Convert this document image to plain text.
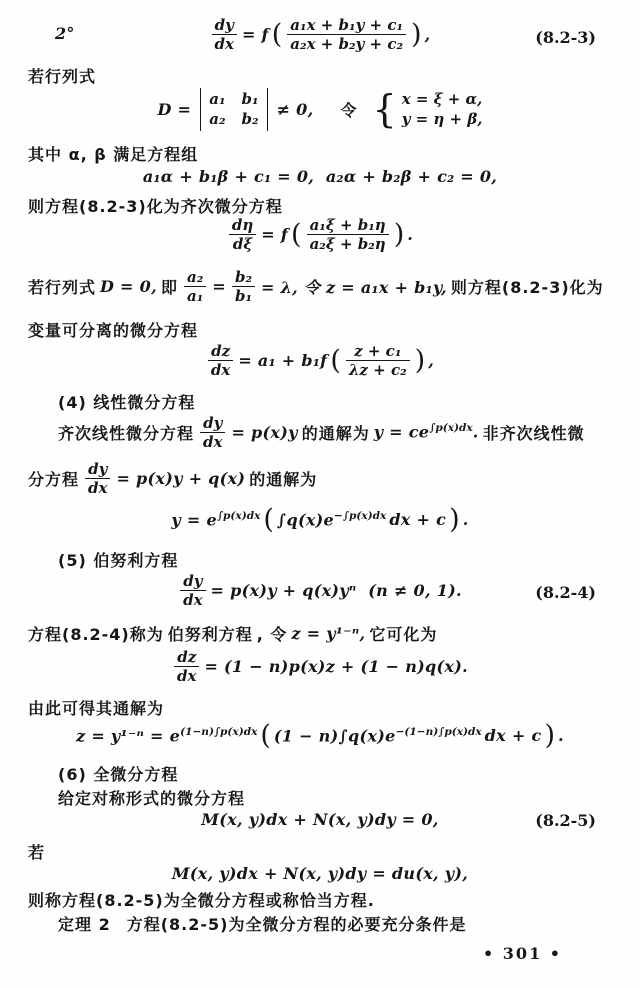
2°	$\frac{dy}{dx} = f$ ( $\frac{\text{a₁x + b₁y + c₁}}{\text{a₂x + b₂y + c₂}}$ ) ,	(8.2-3)
若行列式
D =
a₁ b₁
a₂ b₂
≠ 0, 令 { x = ξ + α,
y = η + β,
其中 α, β 满足方程组
a₁α + b₁β + c₁ = 0,  a₂α + b₂β + c₂ = 0,
则方程(8.2-3)化为齐次微分方程
$\frac{d\eta}{d\xi} = f$ ( $\frac{\text{a₁ξ + b₁η}}{\text{a₂ξ + b₂η}}$ ) .
若行列式 D = 0, 即 $\frac{\text{a₂}}{\text{a₁}} = \frac{\text{b₂}}{\text{b₁}} = \lambda$, 令 z = a₁x + b₁y, 则方程(8.2-3)化为
变量可分离的微分方程
$\frac{dz}{dx} = a_1 + b_1f$ ( $\frac{\text{z + c₁}}{\text{λz + c₂}}$ ) ,
(4) 线性微分方程
齐次线性微分方程 $\frac{dy}{dx} = p(x)y$ 的通解为 $y = ce^{\int p(x)dx}$. 非齐次线性微
分方程 $\frac{dy}{dx} = p(x)y + q(x)$ 的通解为
$y = e^{\int p(x)dx}$ ( $\int q(x)e^{-\int p(x)dx}$ dx + c ) .
(5) 伯努利方程
$\frac{dy}{dx} = p(x)y + q(x)y^n$  (n ≠ 0, 1).	(8.2-4)
方程(8.2-4)称为 伯努利方程 , 令 z = y¹⁻ⁿ, 它可化为
$\frac{dz}{dx} = (1 - n)p(x)z + (1 - n)q(x)$.
由此可得其通解为
$z = y^{1-n} = e^{(1-n)\int p(x)dx}$ ( $(1 - n)\int q(x)e^{-(1-n)\int p(x)dx}$ dx + c ) .
(6) 全微分方程
给定对称形式的微分方程
M(x, y)dx + N(x, y)dy = 0,	(8.2-5)
若
M(x, y)dx + N(x, y)dy = du(x, y),
则称方程(8.2-5)为全微分方程或称恰当方程.
定理 2 方程(8.2-5)为全微分方程的必要充分条件是
• 301 •
